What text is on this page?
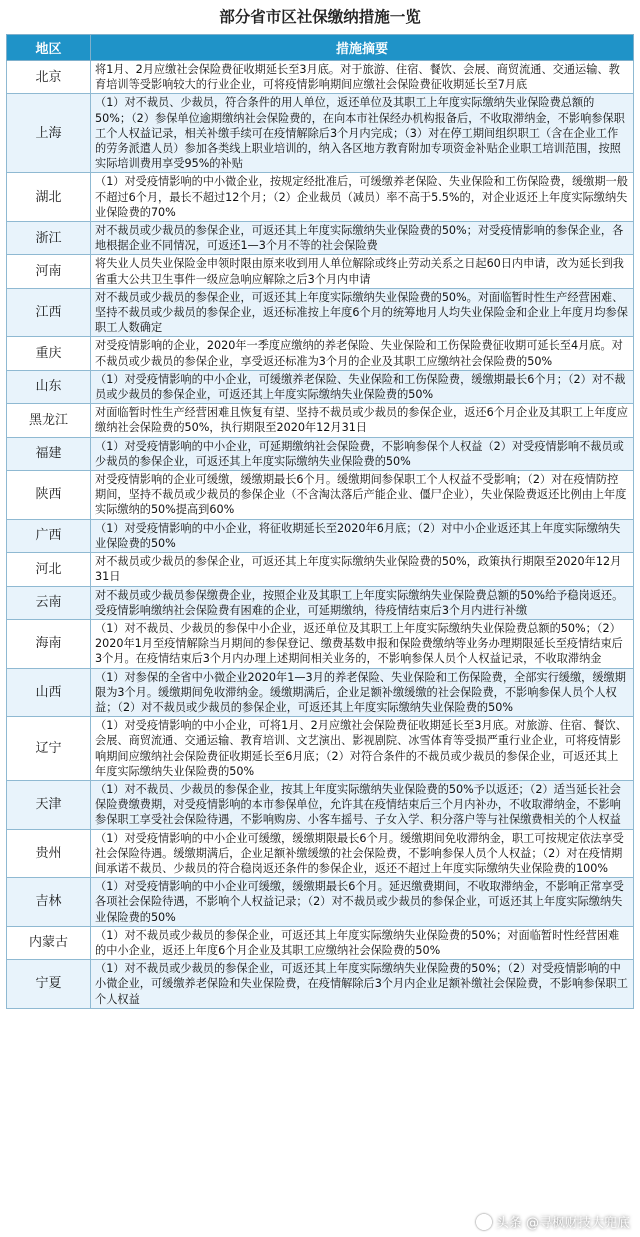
部分省市区社保缴纳措施一览
地区	措施摘要
北京	将1月、2月应缴社会保险费征收期延长至3月底。对于旅游、住宿、餐饮、会展、商贸流通、交通运输、教育培训等受影响较大的行业企业，可将疫情影响期间应缴社会保险费征收期延长至7月底
上海	（1）对不裁员、少裁员，符合条件的用人单位，返还单位及其职工上年度实际缴纳失业保险费总额的50%；（2）参保单位逾期缴纳社会保险费的，在向本市社保经办机构报备后，不收取滞纳金，不影响参保职工个人权益记录，相关补缴手续可在疫情解除后3个月内完成；（3）对在停工期间组织职工（含在企业工作的劳务派遣人员）参加各类线上职业培训的，纳入各区地方教育附加专项资金补贴企业职工培训范围，按照实际培训费用享受95%的补贴
湖北	（1）对受疫情影响的中小微企业，按规定经批准后，可缓缴养老保险、失业保险和工伤保险费，缓缴期一般不超过6个月，最长不超过12个月；（2）企业裁员（减员）率不高于5.5%的，对企业返还上年度实际缴纳失业保险费的70%
浙江	对不裁员或少裁员的参保企业，可返还其上年度实际缴纳失业保险费的50%；对受疫情影响的参保企业，各地根据企业不同情况，可返还1—3个月不等的社会保险费
河南	将失业人员失业保险金申领时限由原来收到用人单位解除或终止劳动关系之日起60日内申请，改为延长到我省重大公共卫生事件一级应急响应解除之后3个月内申请
江西	对不裁员或少裁员的参保企业，可返还其上年度实际缴纳失业保险费的50%。对面临暂时性生产经营困难、坚持不裁员或少裁员的参保企业，返还标准按上年度6个月的统筹地月人均失业保险金和企业上年度月均参保职工人数确定
重庆	对受疫情影响的企业，2020年一季度应缴纳的养老保险、失业保险和工伤保险费征收期可延长至4月底。对不裁员或少裁员的参保企业，享受返还标准为3个月的企业及其职工应缴纳社会保险费的50%
山东	（1）对受疫情影响的中小企业，可缓缴养老保险、失业保险和工伤保险费，缓缴期最长6个月；（2）对不裁员或少裁员的参保企业，可返还其上年度实际缴纳失业保险费的50%
黑龙江	对面临暂时性生产经营困难且恢复有望、坚持不裁员或少裁员的参保企业，返还6个月企业及其职工上年度应缴纳社会保险费的50%，执行期限至2020年12月31日
福建	（1）对受疫情影响的中小企业，可延期缴纳社会保险费，不影响参保个人权益（2）对受疫情影响不裁员或少裁员的参保企业，可返还其上年度实际缴纳失业保险费的50%
陕西	对受疫情影响的企业可缓缴，缓缴期最长6个月。缓缴期间参保职工个人权益不受影响；（2）对在疫情防控期间，坚持不裁员或少裁员的参保企业（不含淘汰落后产能企业、僵尸企业），失业保险费返还比例由上年度实际缴纳的50%提高到60%
广西	（1）对受疫情影响的中小企业，将征收期延长至2020年6月底；（2）对中小企业返还其上年度实际缴纳失业保险费的50%
河北	对不裁员或少裁员的参保企业，可返还其上年度实际缴纳失业保险费的50%，政策执行期限至2020年12月31日
云南	对不裁员或少裁员参保缴费企业，按照企业及其职工上年度实际缴纳失业保险费总额的50%给予稳岗返还。受疫情影响缴纳社会保险费有困难的企业，可延期缴纳，待疫情结束后3个月内进行补缴
海南	（1）对不裁员、少裁员的参保中小企业，返还单位及其职工上年度实际缴纳失业保险费总额的50%；（2）2020年1月至疫情解除当月期间的参保登记、缴费基数申报和保险费缴纳等业务办理期限延长至疫情结束后3个月。在疫情结束后3个月内办理上述期间相关业务的，不影响参保人员个人权益记录，不收取滞纳金
山西	（1）对参保的全省中小微企业2020年1—3月的养老保险、失业保险和工伤保险费，全部实行缓缴，缓缴期限为3个月。缓缴期间免收滞纳金。缓缴期满后，企业足额补缴缓缴的社会保险费，不影响参保人员个人权益；（2）对不裁员或少裁员的参保企业，可返还其上年度实际缴纳失业保险费的50%
辽宁	（1）对受疫情影响的中小企业，可将1月、2月应缴社会保险费征收期延长至3月底。对旅游、住宿、餐饮、会展、商贸流通、交通运输、教育培训、文艺演出、影视剧院、冰雪体育等受损严重行业企业，可将疫情影响期间应缴纳社会保险费征收期延长至6月底；（2）对符合条件的不裁员或少裁员的参保企业，可返还其上年度实际缴纳失业保险费的50%
天津	（1）对不裁员、少裁员的参保企业，按其上年度实际缴纳失业保险费的50%予以返还；（2）适当延长社会保险费缴费期，对受疫情影响的本市参保单位，允许其在疫情结束后三个月内补办，不收取滞纳金，不影响参保职工享受社会保险待遇，不影响购房、小客车摇号、子女入学、积分落户等与社保缴费相关的个人权益
贵州	（1）对受疫情影响的中小企业可缓缴，缓缴期限最长6个月。缓缴期间免收滞纳金，职工可按规定依法享受社会保险待遇。缓缴期满后，企业足额补缴缓缴的社会保险费，不影响参保人员个人权益；（2）对在疫情期间承诺不裁员、少裁员的符合稳岗返还条件的参保企业，返还不超过上年度实际缴纳失业保险费的100%
吉林	（1）对受疫情影响的中小企业可缓缴，缓缴期最长6个月。延迟缴费期间，不收取滞纳金，不影响正常享受各项社会保险待遇，不影响个人权益记录；（2）对不裁员或少裁员的参保企业，可返还其上年度实际缴纳失业保险费的50%
内蒙古	（1）对不裁员或少裁员的参保企业，可返还其上年度实际缴纳失业保险费的50%；对面临暂时性经营困难的中小企业，返还上年度6个月企业及其职工应缴纳社会保险费的50%
宁夏	（1）对不裁员或少裁员的参保企业，可返还其上年度实际缴纳失业保险费的50%；（2）对受疫情影响的中小微企业，可缓缴养老保险和失业保险费，在疫情解除后3个月内企业足额补缴社会保险费，不影响参保职工个人权益
头条 @寻枫财技大兜底
